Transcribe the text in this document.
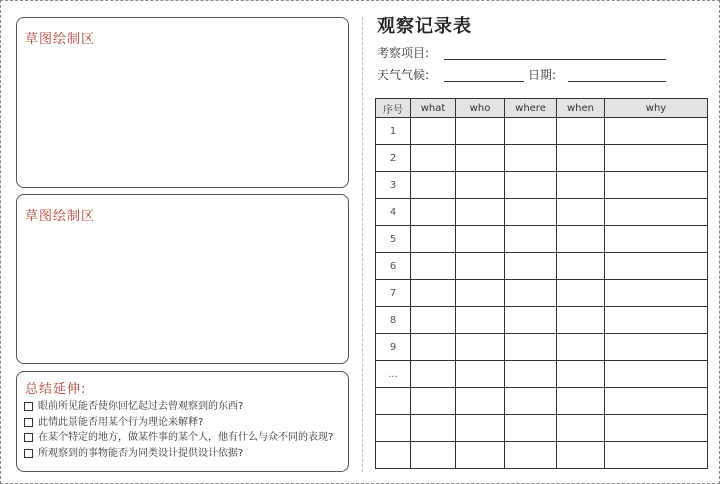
草图绘制区
草图绘制区
总结延伸:
眼前所见能否使你回忆起过去曾观察到的东西?
此情此景能否用某个行为理论来解释?
在某个特定的地方，做某件事的某个人，他有什么与众不同的表现?
所观察到的事物能否为同类设计提供设计依据?
观察记录表
考察项目:
天气气候:	日期:
序号	what	who	where	when	why
1					
2					
3					
4					
5					
6					
7					
8					
9					
...					
